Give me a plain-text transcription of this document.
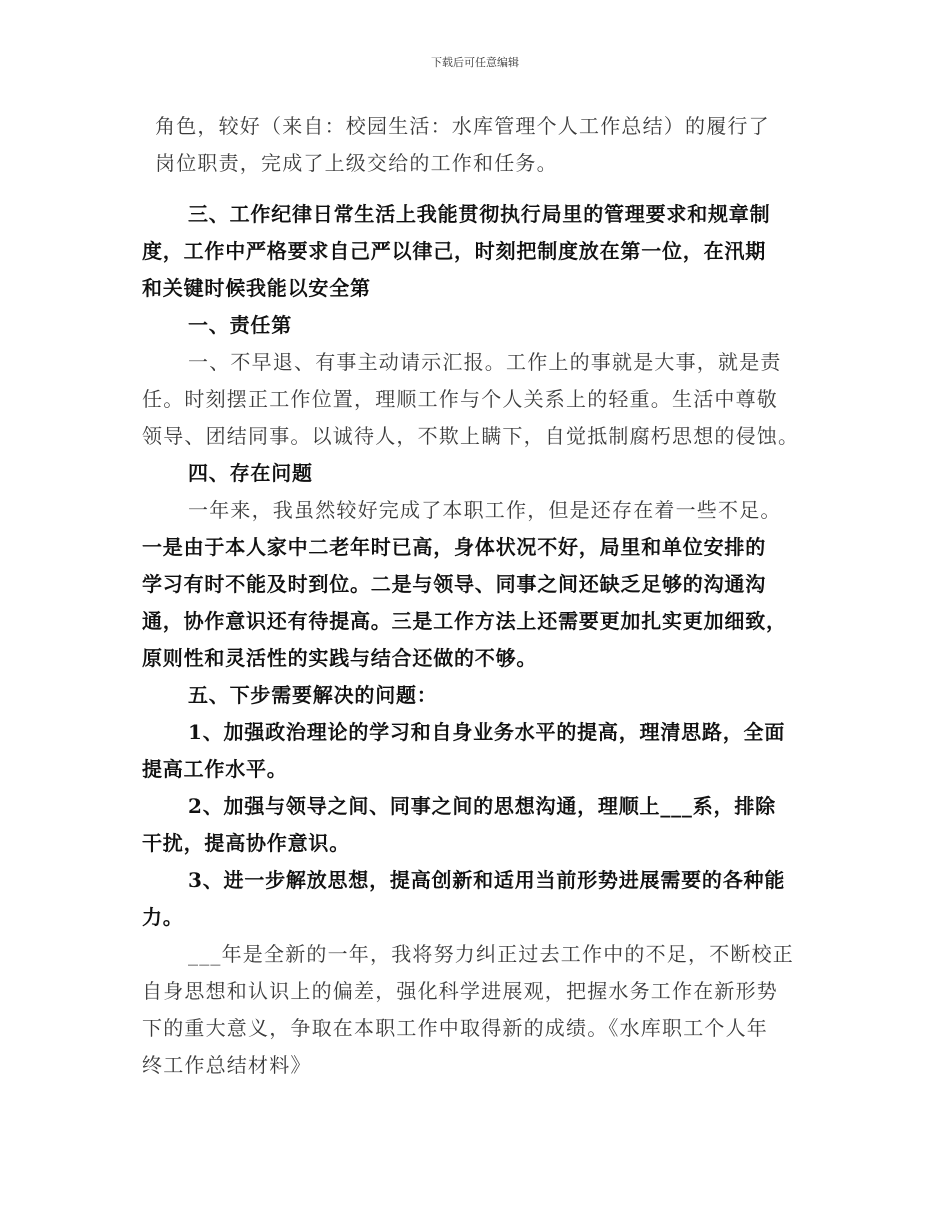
下载后可任意编辑
角色，较好（来自：校园生活：水库管理个人工作总结）的履行了
岗位职责，完成了上级交给的工作和任务。
三、工作纪律日常生活上我能贯彻执行局里的管理要求和规章制
度，工作中严格要求自己严以律己，时刻把制度放在第一位，在汛期
和关键时候我能以安全第
一、责任第
一、不早退、有事主动请示汇报。工作上的事就是大事，就是责
任。时刻摆正工作位置，理顺工作与个人关系上的轻重。生活中尊敬
领导、团结同事。以诚待人，不欺上瞒下，自觉抵制腐朽思想的侵蚀。
四、存在问题
一年来，我虽然较好完成了本职工作，但是还存在着一些不足。
一是由于本人家中二老年时已高，身体状况不好，局里和单位安排的
学习有时不能及时到位。二是与领导、同事之间还缺乏足够的沟通沟
通，协作意识还有待提高。三是工作方法上还需要更加扎实更加细致，
原则性和灵活性的实践与结合还做的不够。
五、下步需要解决的问题：
1、加强政治理论的学习和自身业务水平的提高，理清思路，全面
提高工作水平。
2、加强与领导之间、同事之间的思想沟通，理顺上___系，排除
干扰，提高协作意识。
3、进一步解放思想，提高创新和适用当前形势进展需要的各种能
力。
___年是全新的一年，我将努力纠正过去工作中的不足，不断校正
自身思想和认识上的偏差，强化科学进展观，把握水务工作在新形势
下的重大意义，争取在本职工作中取得新的成绩。《水库职工个人年
终工作总结材料》
